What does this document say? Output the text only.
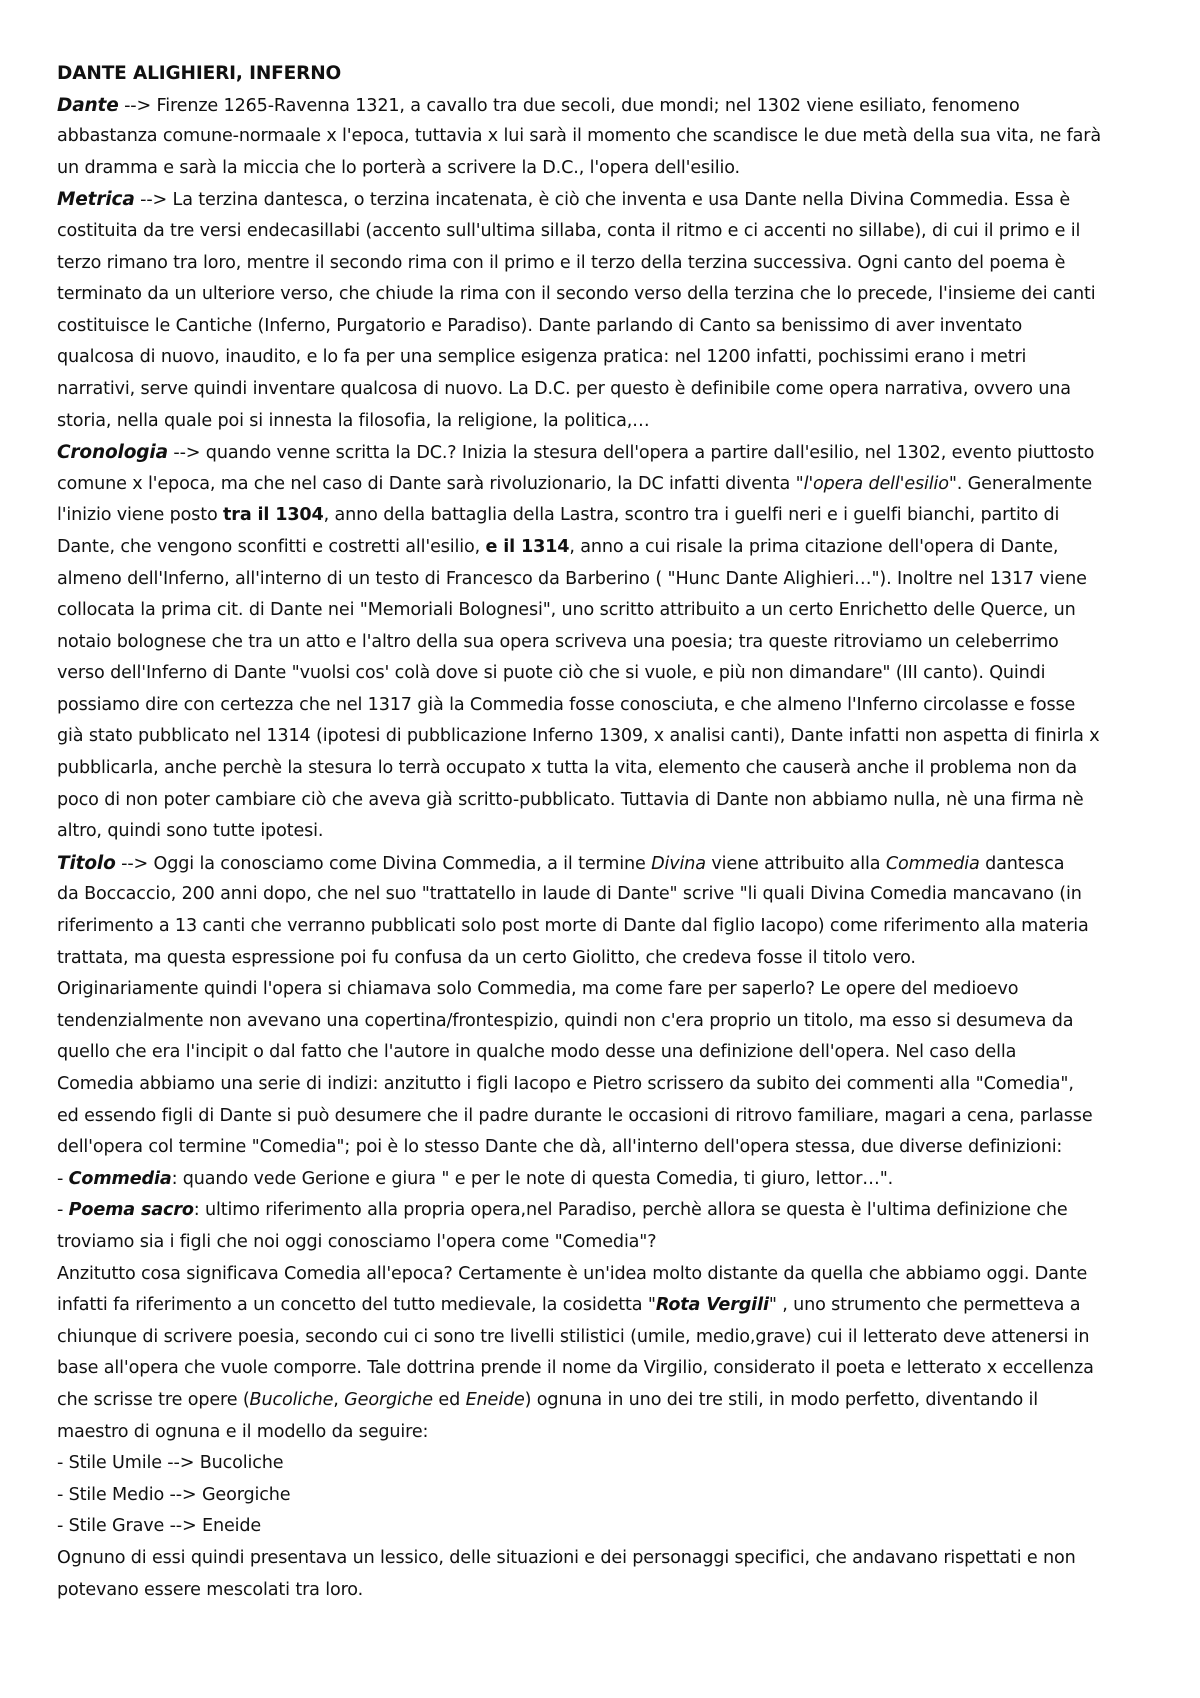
DANTE ALIGHIERI, INFERNO
Dante --> Firenze 1265-Ravenna 1321, a cavallo tra due secoli, due mondi; nel 1302 viene esiliato, fenomeno
abbastanza comune-normaale x l'epoca, tuttavia x lui sarà il momento che scandisce le due metà della sua vita, ne farà
un dramma e sarà la miccia che lo porterà a scrivere la D.C., l'opera dell'esilio.
Metrica --> La terzina dantesca, o terzina incatenata, è ciò che inventa e usa Dante nella Divina Commedia. Essa è
costituita da tre versi endecasillabi (accento sull'ultima sillaba, conta il ritmo e ci accenti no sillabe), di cui il primo e il
terzo rimano tra loro, mentre il secondo rima con il primo e il terzo della terzina successiva. Ogni canto del poema è
terminato da un ulteriore verso, che chiude la rima con il secondo verso della terzina che lo precede, l'insieme dei canti
costituisce le Cantiche (Inferno, Purgatorio e Paradiso). Dante parlando di Canto sa benissimo di aver inventato
qualcosa di nuovo, inaudito, e lo fa per una semplice esigenza pratica: nel 1200 infatti, pochissimi erano i metri
narrativi, serve quindi inventare qualcosa di nuovo. La D.C. per questo è definibile come opera narrativa, ovvero una
storia, nella quale poi si innesta la filosofia, la religione, la politica,…
Cronologia --> quando venne scritta la DC.? Inizia la stesura dell'opera a partire dall'esilio, nel 1302, evento piuttosto
comune x l'epoca, ma che nel caso di Dante sarà rivoluzionario, la DC infatti diventa "l'opera dell'esilio". Generalmente
l'inizio viene posto tra il 1304, anno della battaglia della Lastra, scontro tra i guelfi neri e i guelfi bianchi, partito di
Dante, che vengono sconfitti e costretti all'esilio, e il 1314, anno a cui risale la prima citazione dell'opera di Dante,
almeno dell'Inferno, all'interno di un testo di Francesco da Barberino ( "Hunc Dante Alighieri…"). Inoltre nel 1317 viene
collocata la prima cit. di Dante nei "Memoriali Bolognesi", uno scritto attribuito a un certo Enrichetto delle Querce, un
notaio bolognese che tra un atto e l'altro della sua opera scriveva una poesia; tra queste ritroviamo un celeberrimo
verso dell'Inferno di Dante "vuolsi cos' colà dove si puote ciò che si vuole, e più non dimandare" (III canto). Quindi
possiamo dire con certezza che nel 1317 già la Commedia fosse conosciuta, e che almeno l'Inferno circolasse e fosse
già stato pubblicato nel 1314 (ipotesi di pubblicazione Inferno 1309, x analisi canti), Dante infatti non aspetta di finirla x
pubblicarla, anche perchè la stesura lo terrà occupato x tutta la vita, elemento che causerà anche il problema non da
poco di non poter cambiare ciò che aveva già scritto-pubblicato. Tuttavia di Dante non abbiamo nulla, nè una firma nè
altro, quindi sono tutte ipotesi.
Titolo --> Oggi la conosciamo come Divina Commedia, a il termine Divina viene attribuito alla Commedia dantesca
da Boccaccio, 200 anni dopo, che nel suo "trattatello in laude di Dante" scrive "li quali Divina Comedia mancavano (in
riferimento a 13 canti che verranno pubblicati solo post morte di Dante dal figlio Iacopo) come riferimento alla materia
trattata, ma questa espressione poi fu confusa da un certo Giolitto, che credeva fosse il titolo vero.
Originariamente quindi l'opera si chiamava solo Commedia, ma come fare per saperlo? Le opere del medioevo
tendenzialmente non avevano una copertina/frontespizio, quindi non c'era proprio un titolo, ma esso si desumeva da
quello che era l'incipit o dal fatto che l'autore in qualche modo desse una definizione dell'opera. Nel caso della
Comedia abbiamo una serie di indizi: anzitutto i figli Iacopo e Pietro scrissero da subito dei commenti alla "Comedia",
ed essendo figli di Dante si può desumere che il padre durante le occasioni di ritrovo familiare, magari a cena, parlasse
dell'opera col termine "Comedia"; poi è lo stesso Dante che dà, all'interno dell'opera stessa, due diverse definizioni:
- Commedia: quando vede Gerione e giura " e per le note di questa Comedia, ti giuro, lettor…".
- Poema sacro: ultimo riferimento alla propria opera,nel Paradiso, perchè allora se questa è l'ultima definizione che
troviamo sia i figli che noi oggi conosciamo l'opera come "Comedia"?
Anzitutto cosa significava Comedia all'epoca? Certamente è un'idea molto distante da quella che abbiamo oggi. Dante
infatti fa riferimento a un concetto del tutto medievale, la cosidetta "Rota Vergili" , uno strumento che permetteva a
chiunque di scrivere poesia, secondo cui ci sono tre livelli stilistici (umile, medio,grave) cui il letterato deve attenersi in
base all'opera che vuole comporre. Tale dottrina prende il nome da Virgilio, considerato il poeta e letterato x eccellenza
che scrisse tre opere (Bucoliche, Georgiche ed Eneide) ognuna in uno dei tre stili, in modo perfetto, diventando il
maestro di ognuna e il modello da seguire:
- Stile Umile --> Bucoliche
- Stile Medio --> Georgiche
- Stile Grave --> Eneide
Ognuno di essi quindi presentava un lessico, delle situazioni e dei personaggi specifici, che andavano rispettati e non
potevano essere mescolati tra loro.
